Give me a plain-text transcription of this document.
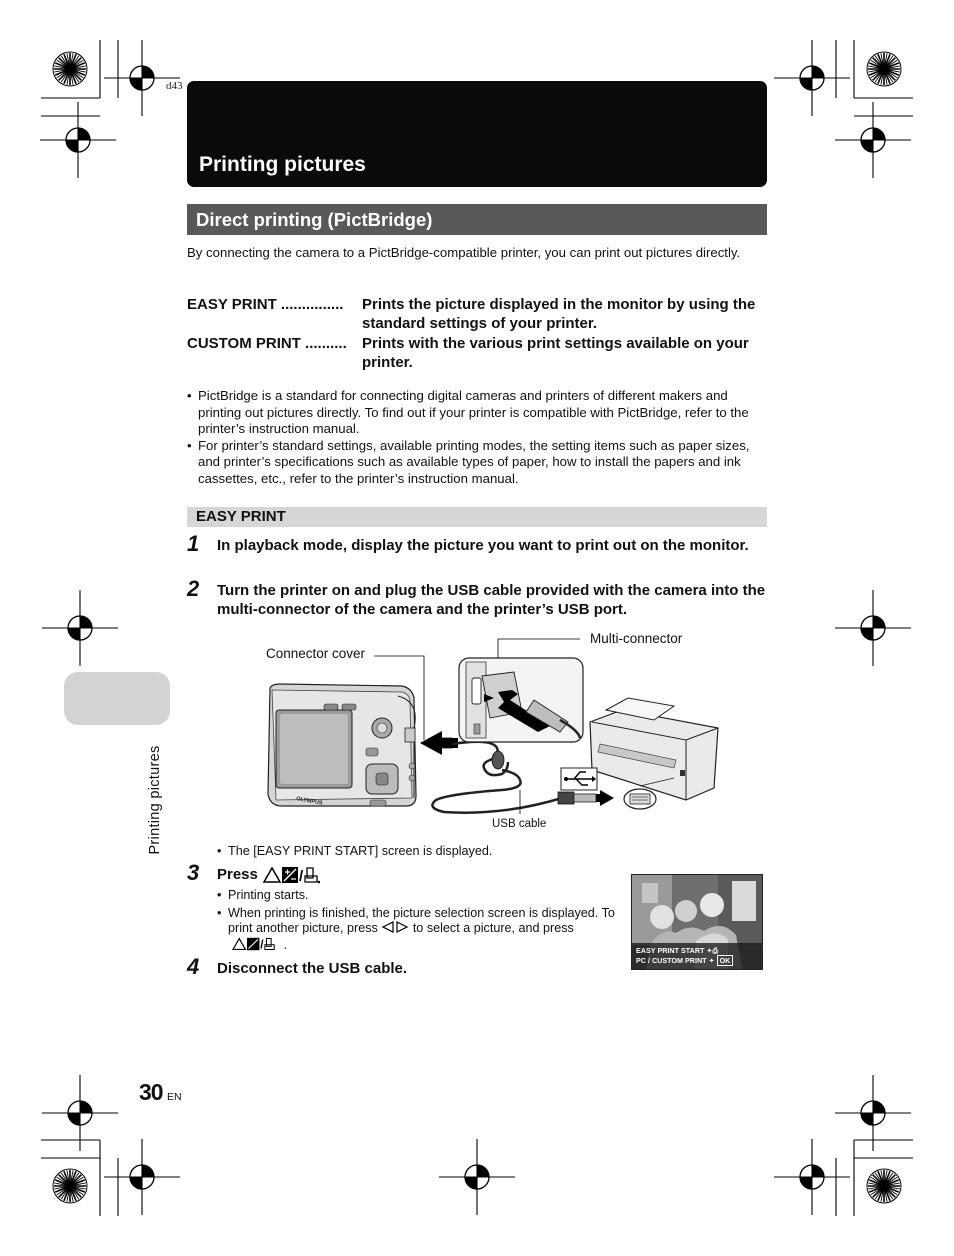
d43
Printing pictures
Direct printing (PictBridge)
By connecting the camera to a PictBridge-compatible printer, you can print out pictures directly.
EASY PRINT ...............	Prints the picture displayed in the monitor by using the standard settings of your printer.
CUSTOM PRINT ..........	Prints with the various print settings available on your printer.
• PictBridge is a standard for connecting digital cameras and printers of different makers and printing out pictures directly. To find out if your printer is compatible with PictBridge, refer to the printer’s instruction manual.
• For printer’s standard settings, available printing modes, the setting items such as paper sizes, and printer’s specifications such as available types of paper, how to install the papers and ink cassettes, etc., refer to the printer’s instruction manual.
EASY PRINT
1 In playback mode, display the picture you want to print out on the monitor.
2 Turn the printer on and plug the USB cable provided with the camera into the multi-connector of the camera and the printer’s USB port.
OLYMPUS
Connector cover
Multi-connector
USB cable
• The [EASY PRINT START] screen is displayed.
3 Press	/
• Printing starts.
• When printing is finished, the picture selection screen is displayed. To print another picture, press	to select a picture, and press
/ .
4 Disconnect the USB cable.
EASY PRINT START ✦⎙
PC / CUSTOM PRINT ✦ OK
Printing pictures
30 EN
